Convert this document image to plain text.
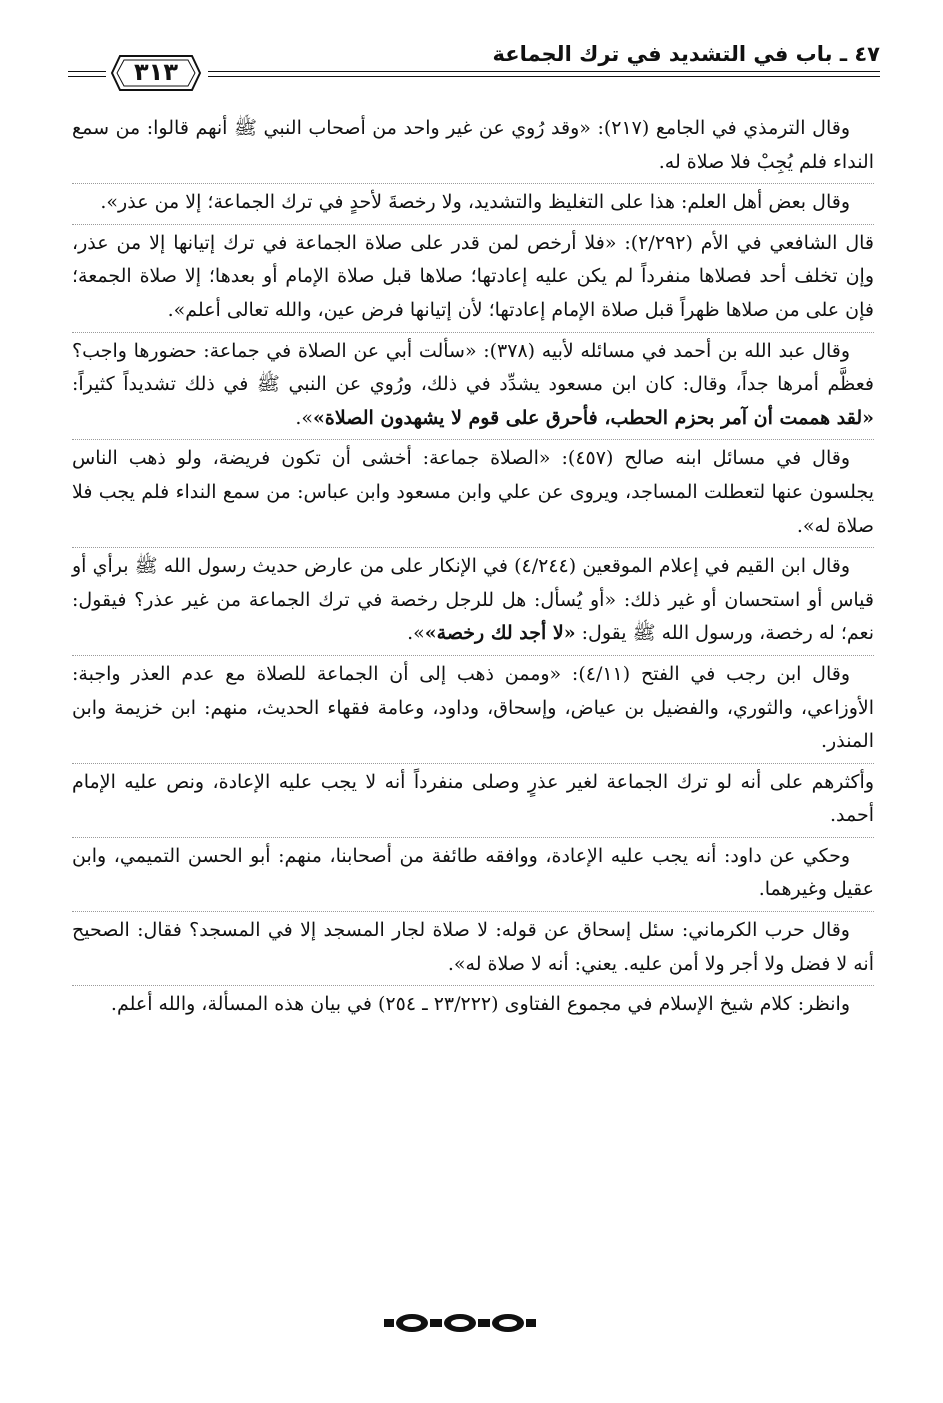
٤٧ ـ باب في التشديد في ترك الجماعة
٣١٣

وقال الترمذي في الجامع (٢١٧): «وقد رُوي عن غير واحد من أصحاب النبي ﷺ أنهم قالوا: من سمع النداء فلم يُجِبْ فلا صلاة له.

وقال بعض أهل العلم: هذا على التغليظ والتشديد، ولا رخصةَ لأحدٍ في ترك الجماعة؛ إلا من عذر».

قال الشافعي في الأم (٢/٢٩٢): «فلا أرخص لمن قدر على صلاة الجماعة في ترك إتيانها إلا من عذر، وإن تخلف أحد فصلاها منفرداً لم يكن عليه إعادتها؛ صلاها قبل صلاة الإمام أو بعدها؛ إلا صلاة الجمعة؛ فإن على من صلاها ظهراً قبل صلاة الإمام إعادتها؛ لأن إتيانها فرض عين، والله تعالى أعلم».

وقال عبد الله بن أحمد في مسائله لأبيه (٣٧٨): «سألت أبي عن الصلاة في جماعة: حضورها واجب؟ فعظَّم أمرها جداً، وقال: كان ابن مسعود يشدِّد في ذلك، ورُوي عن النبي ﷺ في ذلك تشديداً كثيراً: «لقد هممت أن آمر بحزم الحطب، فأحرق على قوم لا يشهدون الصلاة»».

وقال في مسائل ابنه صالح (٤٥٧): «الصلاة جماعة: أخشى أن تكون فريضة، ولو ذهب الناس يجلسون عنها لتعطلت المساجد، ويروى عن علي وابن مسعود وابن عباس: من سمع النداء فلم يجب فلا صلاة له».

وقال ابن القيم في إعلام الموقعين (٤/٢٤٤) في الإنكار على من عارض حديث رسول الله ﷺ برأي أو قياس أو استحسان أو غير ذلك: «أو يُسأل: هل للرجل رخصة في ترك الجماعة من غير عذر؟ فيقول: نعم؛ له رخصة، ورسول الله ﷺ يقول: «لا أجد لك رخصة»».

وقال ابن رجب في الفتح (٤/١١): «وممن ذهب إلى أن الجماعة للصلاة مع عدم العذر واجبة: الأوزاعي، والثوري، والفضيل بن عياض، وإسحاق، وداود، وعامة فقهاء الحديث، منهم: ابن خزيمة وابن المنذر.

وأكثرهم على أنه لو ترك الجماعة لغير عذرٍ وصلى منفرداً أنه لا يجب عليه الإعادة، ونص عليه الإمام أحمد.

وحكي عن داود: أنه يجب عليه الإعادة، ووافقه طائفة من أصحابنا، منهم: أبو الحسن التميمي، وابن عقيل وغيرهما.

وقال حرب الكرماني: سئل إسحاق عن قوله: لا صلاة لجار المسجد إلا في المسجد؟ فقال: الصحيح أنه لا فضل ولا أجر ولا أمن عليه. يعني: أنه لا صلاة له».

وانظر: كلام شيخ الإسلام في مجموع الفتاوى (٢٣/٢٢٢ ـ ٢٥٤) في بيان هذه المسألة، والله أعلم.
